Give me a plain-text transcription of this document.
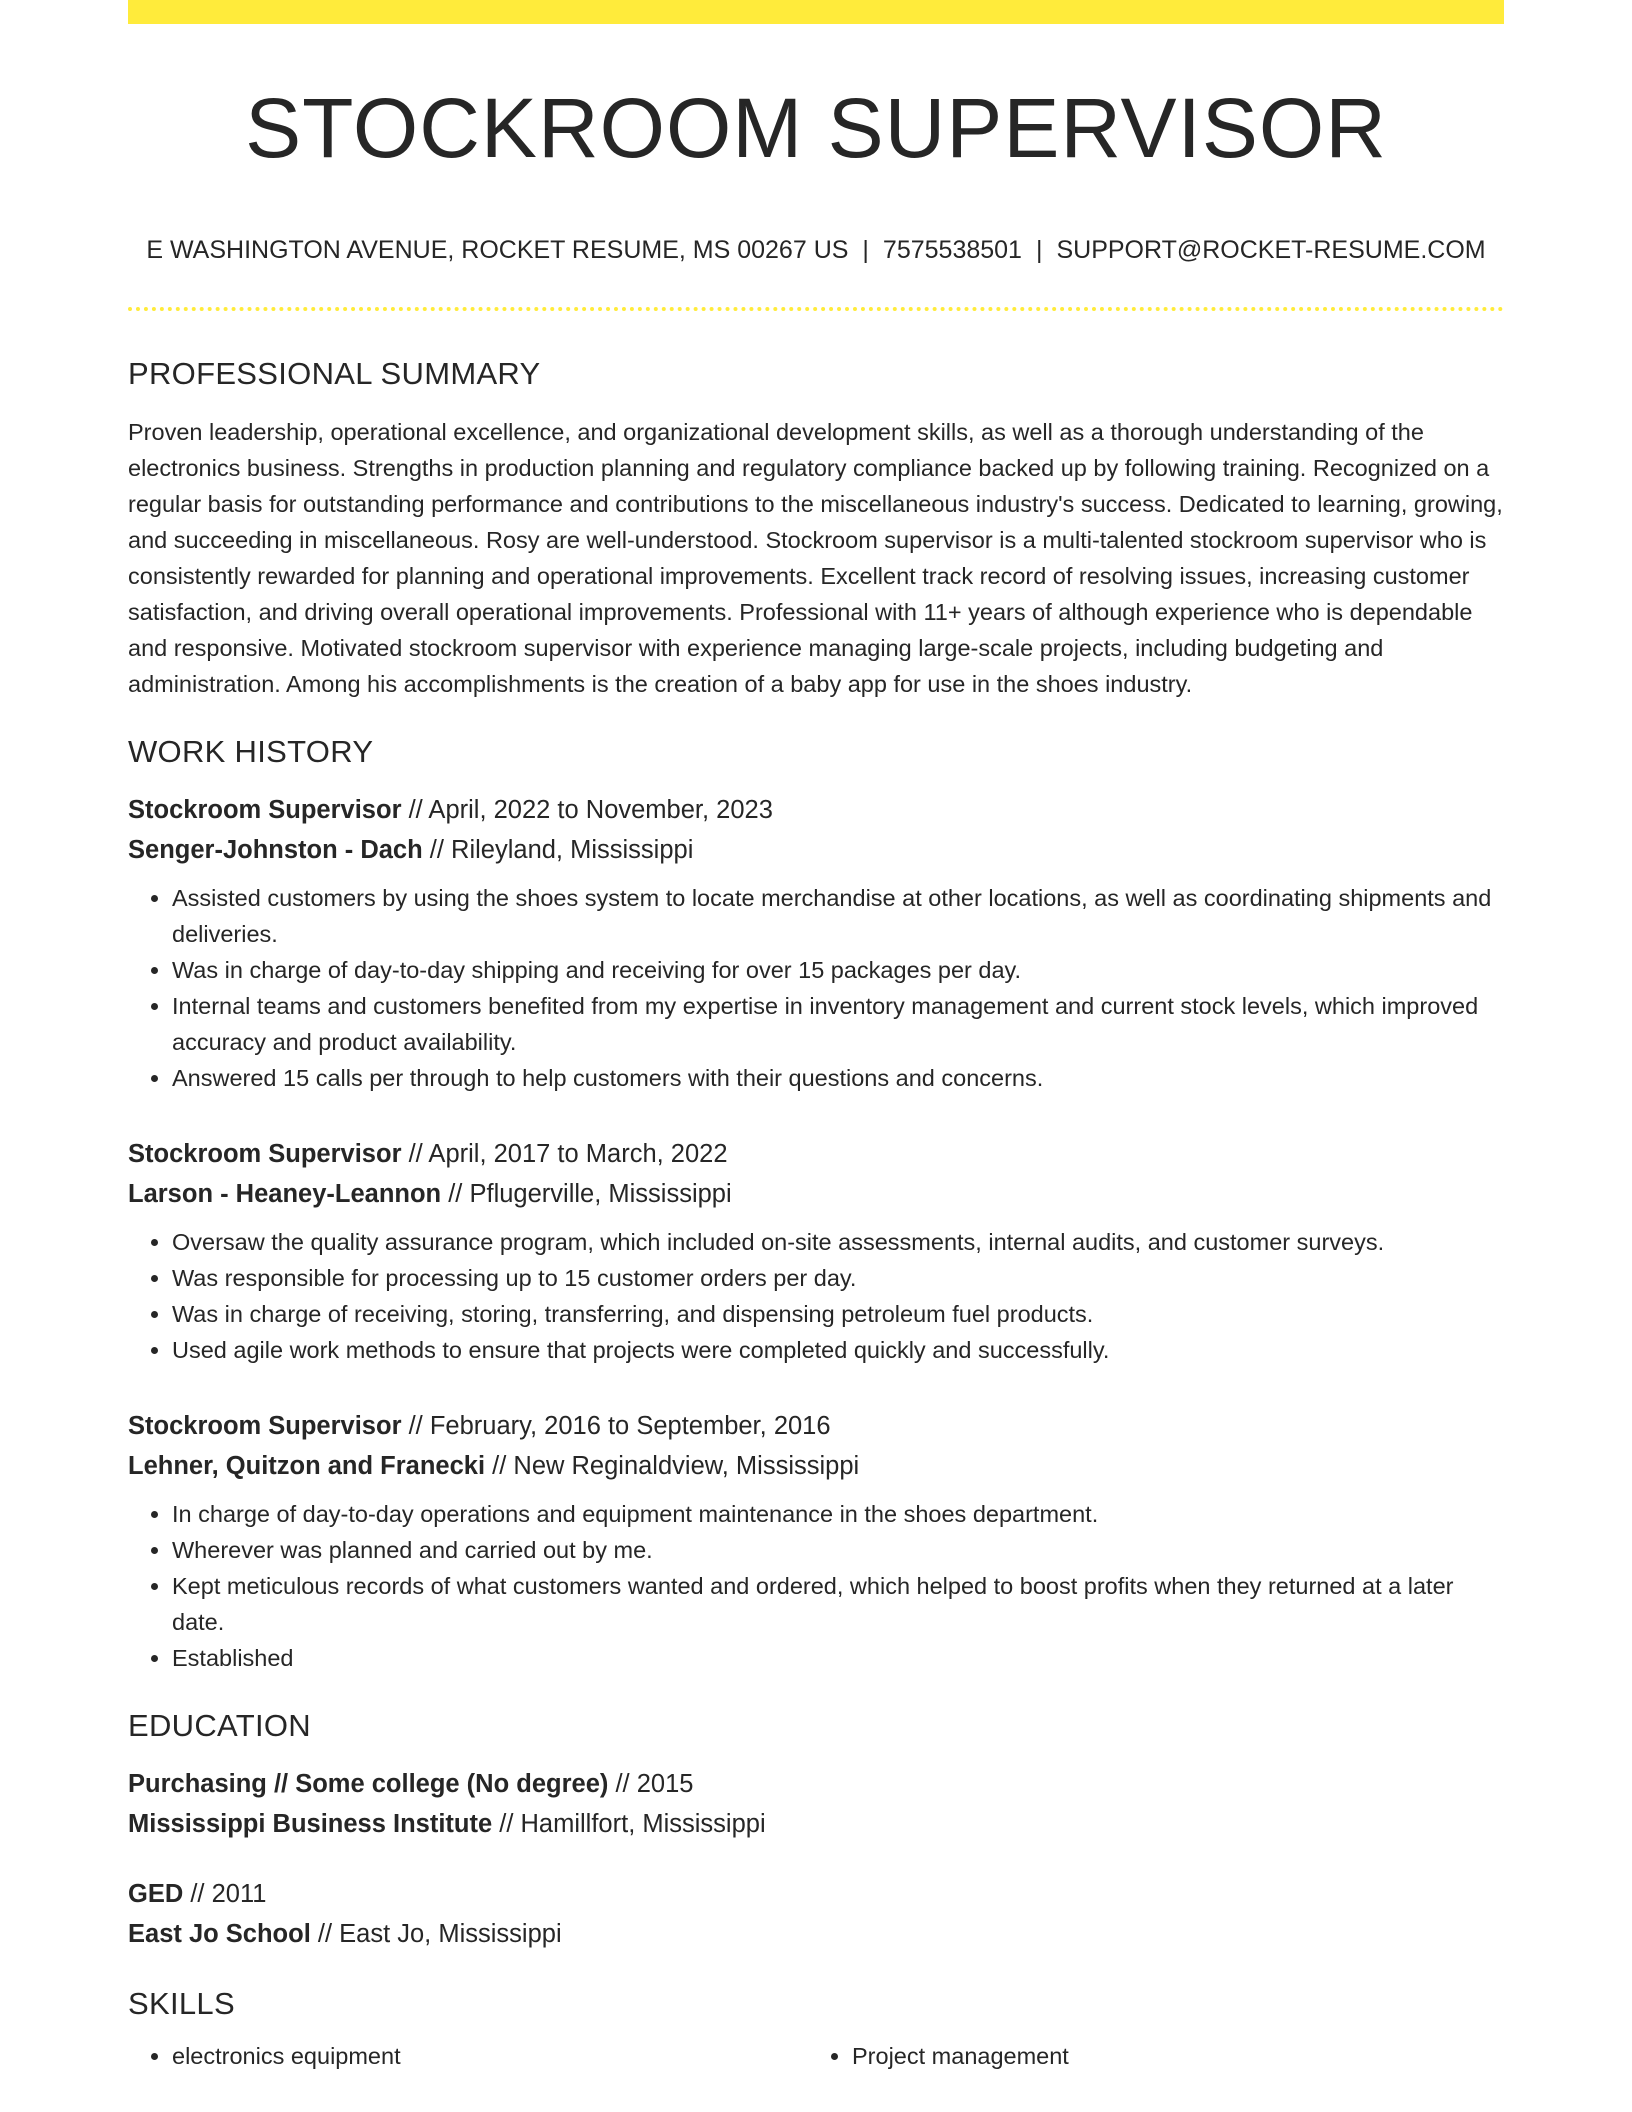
STOCKROOM SUPERVISOR
E WASHINGTON AVENUE, ROCKET RESUME, MS 00267 US | 7575538501 | SUPPORT@ROCKET-RESUME.COM
PROFESSIONAL SUMMARY

Proven leadership, operational excellence, and organizational development skills, as well as a thorough understanding of the electronics business. Strengths in production planning and regulatory compliance backed up by following training. Recognized on a regular basis for outstanding performance and contributions to the miscellaneous industry's success. Dedicated to learning, growing, and succeeding in miscellaneous. Rosy are well-understood. Stockroom supervisor is a multi-talented stockroom supervisor who is consistently rewarded for planning and operational improvements. Excellent track record of resolving issues, increasing customer satisfaction, and driving overall operational improvements. Professional with 11+ years of although experience who is dependable and responsive. Motivated stockroom supervisor with experience managing large-scale projects, including budgeting and administration. Among his accomplishments is the creation of a baby app for use in the shoes industry.

WORK HISTORY
Stockroom Supervisor // April, 2022 to November, 2023
Senger-Johnston - Dach // Rileyland, Mississippi
• Assisted customers by using the shoes system to locate merchandise at other locations, as well as coordinating shipments and deliveries.
• Was in charge of day-to-day shipping and receiving for over 15 packages per day.
• Internal teams and customers benefited from my expertise in inventory management and current stock levels, which improved accuracy and product availability.
• Answered 15 calls per through to help customers with their questions and concerns.
Stockroom Supervisor // April, 2017 to March, 2022
Larson - Heaney-Leannon // Pflugerville, Mississippi
• Oversaw the quality assurance program, which included on-site assessments, internal audits, and customer surveys.
• Was responsible for processing up to 15 customer orders per day.
• Was in charge of receiving, storing, transferring, and dispensing petroleum fuel products.
• Used agile work methods to ensure that projects were completed quickly and successfully.
Stockroom Supervisor // February, 2016 to September, 2016
Lehner, Quitzon and Franecki // New Reginaldview, Mississippi
• In charge of day-to-day operations and equipment maintenance in the shoes department.
• Wherever was planned and carried out by me.
• Kept meticulous records of what customers wanted and ordered, which helped to boost profits when they returned at a later date.
• Established
EDUCATION
Purchasing // Some college (No degree) // 2015
Mississippi Business Institute // Hamillfort, Mississippi
GED // 2011
East Jo School // East Jo, Mississippi
SKILLS
• electronics equipment
•	Project management
